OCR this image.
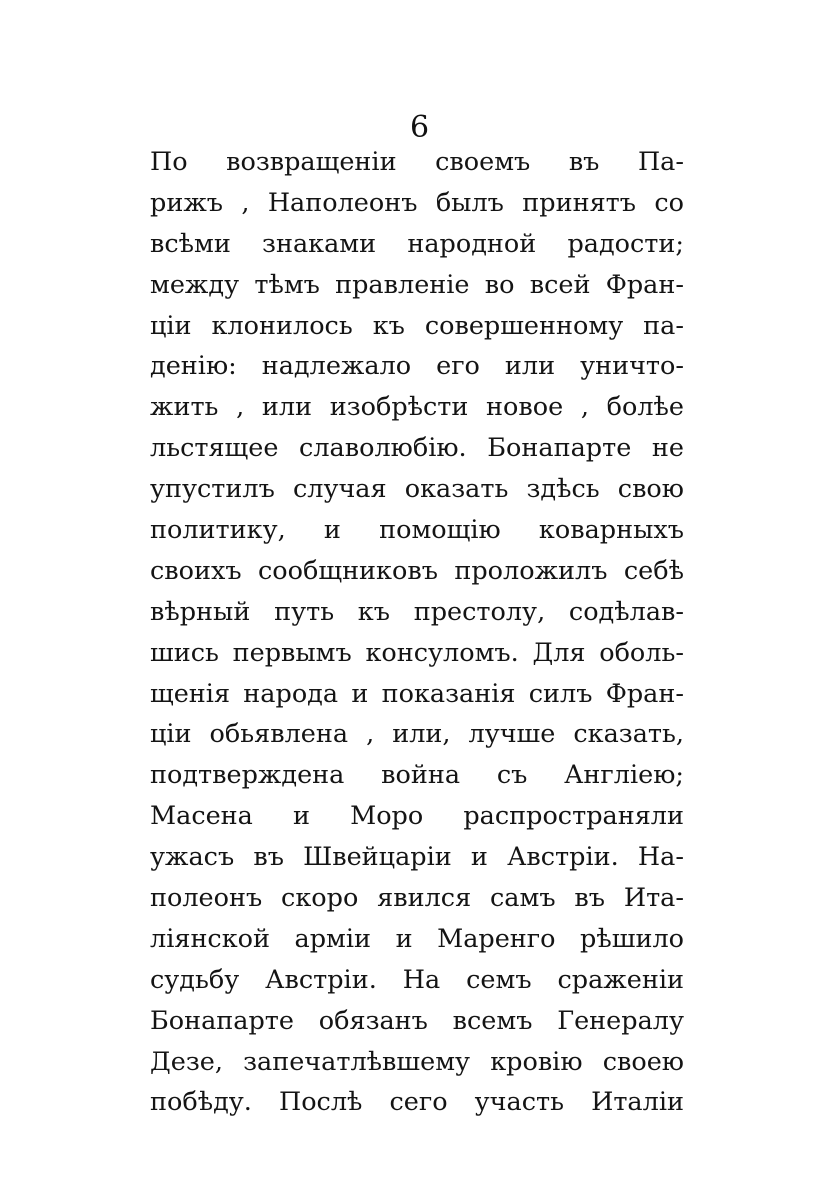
6
По возвращеніи своемъ въ Па-
рижъ , Наполеонъ былъ принятъ со
всѣми знаками народной радости;
между тѣмъ правленіе во всей Фран-
ціи клонилось къ совершенному па-
денію: надлежало его или уничто-
жить , или изобрѣсти новое , болѣе
льстящее славолюбію. Бонапарте не
упустилъ случая оказать здѣсь свою
политику, и помощію коварныхъ
своихъ сообщниковъ проложилъ себѣ
вѣрный путь къ престолу, содѣлав-
шись первымъ консуломъ. Для оболь-
щенія народа и показанія силъ Фран-
ціи обьявлена , или, лучше сказать,
подтверждена война съ Англіею;
Масена и Моро распространяли
ужасъ въ Швейцаріи и Австріи. На-
полеонъ скоро явился самъ въ Ита-
ліянской арміи и Маренго рѣшило
судьбу Австріи. На семъ сраженіи
Бонапарте обязанъ всемъ Генералу
Дезе, запечатлѣвшему кровію своею
побѣду. Послѣ сего участь Италіи
